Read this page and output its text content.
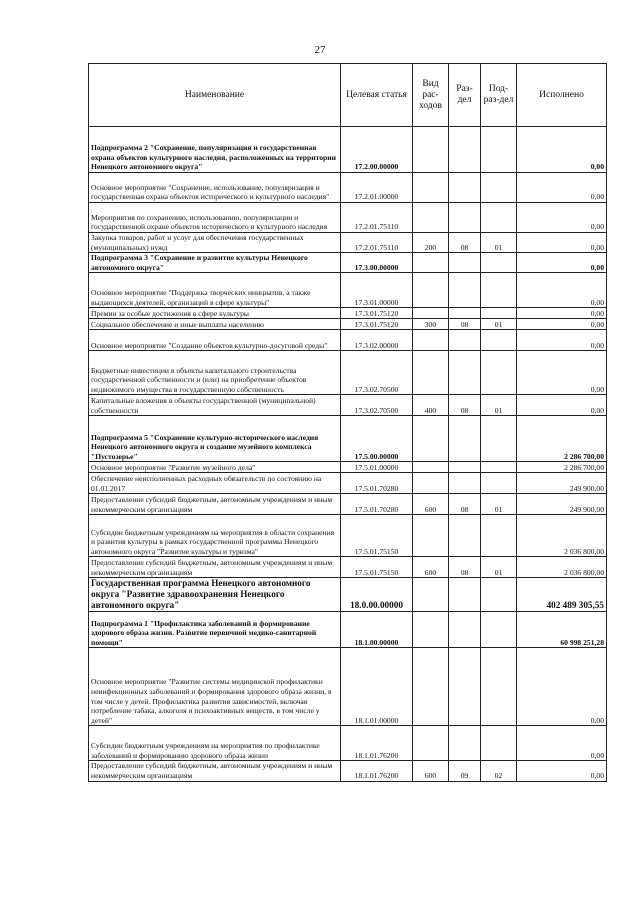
27
Наименование	Целевая статья	Вид рас-ходов	Раз-дел	Под-раз-дел	Исполнено
Подпрограмма 2 "Сохранение, популяризация и государственная охрана объектов культурного наследия, расположенных на территории Ненецкого автономного округа"	17.2.00.00000				0,00
Основное мероприятие "Сохранение, использование, популяризация и государственная охрана объектов исторического и культурного наследия"	17.2.01.00000				0,00
Мероприятия по сохранению, использованию, популяризации и государственной охране объектов исторического и культурного наследия	17.2.01.75110				0,00
Закупка товаров, работ и услуг для обеспечения государственных (муниципальных) нужд	17.2.01.75110	200	08	01	0,00
Подпрограмма 3 "Сохранение и развитие культуры Ненецкого автономного округа"	17.3.00.00000				0,00
Основное мероприятие "Поддержка творческих инициатив, а также выдающихся деятелей, организаций в сфере культуры"	17.3.01.00000				0,00
Премии за особые достижения в сфере культуры	17.3.01.75120				0,00
Социальное обеспечение и иные выплаты населению	17.3.01.75120	300	08	01	0,00
Основное мероприятие "Создание объектов культурно-досуговой среды"	17.3.02.00000				0,00
Бюджетные инвестиции в объекты капитального строительства государственной собственности и (или) на приобретение объектов недвижимого имущества в государственную собственность	17.3.02.70500				0,00
Капитальные вложения в объекты государственной (муниципальной) собственности	17.3.02.70500	400	08	01	0,00
Подпрограмма 5 "Сохранение культурно-исторического наследия Ненецкого автономного округа и создание музейного комплекса "Пустозерье"	17.5.00.00000				2 286 700,00
Основное мероприятие "Развитие музейного дела"	17.5.01.00000				2 286 700,00
Обеспечение неисполненных расходных обязательств по состоянию на 01.01.2017	17.5.01.70280				249 900,00
Предоставление субсидий бюджетным, автономным учреждениям и иным некоммерческим организациям	17.5.01.70280	600	08	01	249 900,00
Субсидии бюджетным учреждениям на мероприятия в области сохранения и развития культуры в рамках государственной программы Ненецкого автономного округа "Развитие культуры и туризма"	17.5.01.75150				2 036 800,00
Предоставление субсидий бюджетным, автономным учреждениям и иным некоммерческим организациям	17.5.01.75150	600	08	01	2 036 800,00
Государственная программа Ненецкого автономного округа "Развитие здравоохранения Ненецкого автономного округа"	18.0.00.00000				402 489 305,55
Подпрограмма 1 "Профилактика заболеваний и формирование здорового образа жизни. Развитие первичной медико-санитарной помощи"	18.1.00.00000				60 998 251,28
Основное мероприятие "Развитие системы медицинской профилактики неинфекционных заболеваний и формирования здорового образа жизни, в том числе у детей. Профилактика развития зависимостей, включая потребление табака, алкоголя и психоактивных веществ, в том числе у детей"	18.1.01.00000				0,00
Субсидии бюджетным учреждениям на мероприятия по профилактике заболеваний и формированию здорового образа жизни	18.1.01.76200				0,00
Предоставление субсидий бюджетным, автономным учреждениям и иным некоммерческим организациям	18.1.01.76200	600	09	02	0,00
